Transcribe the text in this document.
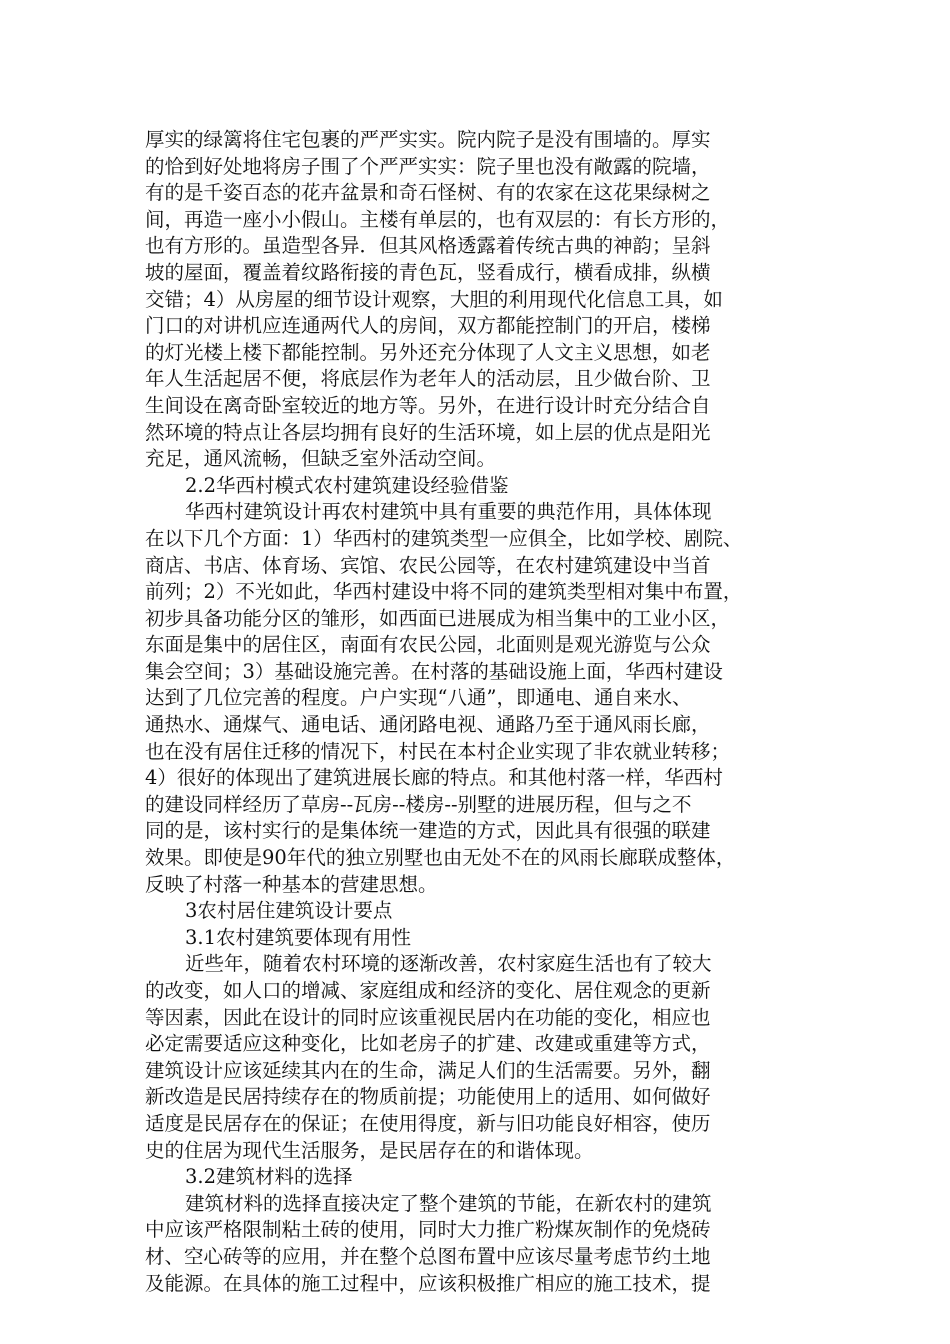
厚实的绿篱将住宅包裹的严严实实。院内院子是没有围墙的。厚实
的恰到好处地将房子围了个严严实实：院子里也没有敞露的院墙，
有的是千姿百态的花卉盆景和奇石怪树、有的农家在这花果绿树之
间，再造一座小小假山。主楼有单层的，也有双层的：有长方形的，
也有方形的。虽造型各异．但其风格透露着传统古典的神韵；呈斜
坡的屋面，覆盖着纹路衔接的青色瓦，竖看成行，横看成排，纵横
交错；4）从房屋的细节设计观察，大胆的利用现代化信息工具，如
门口的对讲机应连通两代人的房间，双方都能控制门的开启，楼梯
的灯光楼上楼下都能控制。另外还充分体现了人文主义思想，如老
年人生活起居不便，将底层作为老年人的活动层，且少做台阶、卫
生间设在离奇卧室较近的地方等。另外，在进行设计时充分结合自
然环境的特点让各层均拥有良好的生活环境，如上层的优点是阳光
充足，通风流畅，但缺乏室外活动空间。
2.2华西村模式农村建筑建设经验借鉴
华西村建筑设计再农村建筑中具有重要的典范作用，具体体现
在以下几个方面：1）华西村的建筑类型一应俱全，比如学校、剧院、
商店、书店、体育场、宾馆、农民公园等，在农村建筑建设中当首
前列；2）不光如此，华西村建设中将不同的建筑类型相对集中布置，
初步具备功能分区的雏形，如西面已进展成为相当集中的工业小区，
东面是集中的居住区，南面有农民公园，北面则是观光游览与公众
集会空间；3）基础设施完善。在村落的基础设施上面，华西村建设
达到了几位完善的程度。户户实现“八通”，即通电、通自来水、
通热水、通煤气、通电话、通闭路电视、通路乃至于通风雨长廊，
也在没有居住迁移的情况下，村民在本村企业实现了非农就业转移；
4）很好的体现出了建筑进展长廊的特点。和其他村落一样，华西村
的建设同样经历了草房--瓦房--楼房--别墅的进展历程，但与之不
同的是，该村实行的是集体统一建造的方式，因此具有很强的联建
效果。即使是90年代的独立别墅也由无处不在的风雨长廊联成整体，
反映了村落一种基本的营建思想。
3农村居住建筑设计要点
3.1农村建筑要体现有用性
近些年，随着农村环境的逐渐改善，农村家庭生活也有了较大
的改变，如人口的增减、家庭组成和经济的变化、居住观念的更新
等因素，因此在设计的同时应该重视民居内在功能的变化，相应也
必定需要适应这种变化，比如老房子的扩建、改建或重建等方式，
建筑设计应该延续其内在的生命，满足人们的生活需要。另外，翻
新改造是民居持续存在的物质前提；功能使用上的适用、如何做好
适度是民居存在的保证；在使用得度，新与旧功能良好相容，使历
史的住居为现代生活服务，是民居存在的和谐体现。
3.2建筑材料的选择
建筑材料的选择直接决定了整个建筑的节能，在新农村的建筑
中应该严格限制粘土砖的使用，同时大力推广粉煤灰制作的免烧砖
材、空心砖等的应用，并在整个总图布置中应该尽量考虑节约土地
及能源。在具体的施工过程中，应该积极推广相应的施工技术，提
